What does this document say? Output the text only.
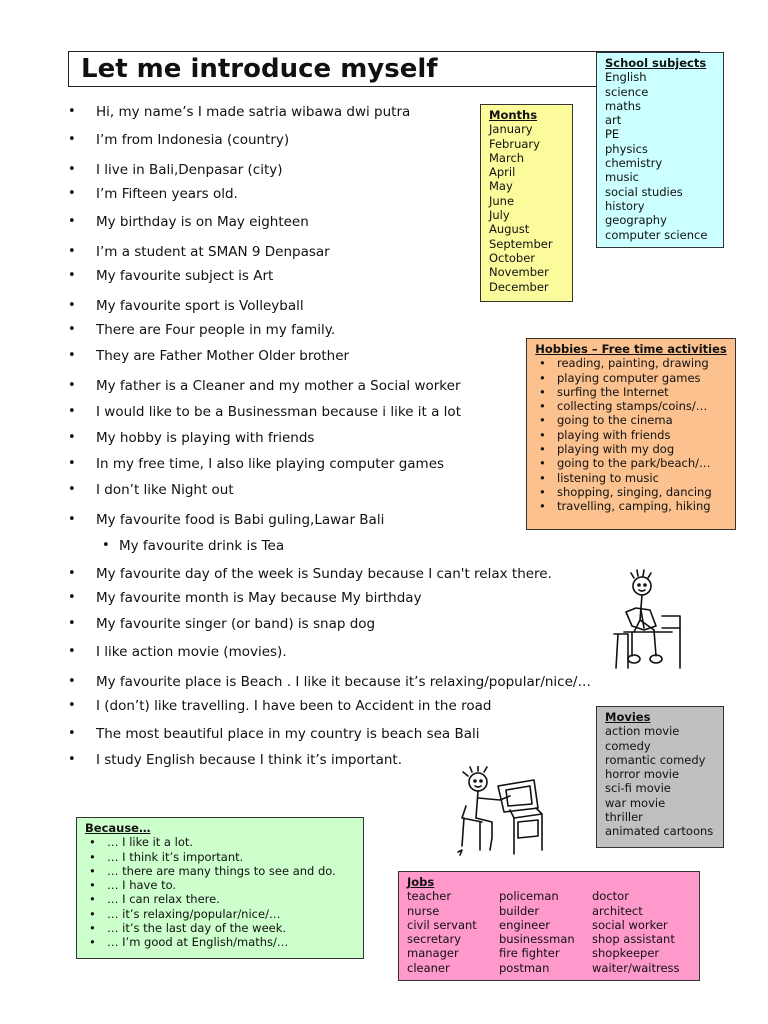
Let me introduce myself
• Hi, my name’s I made satria wibawa dwi putra
• I’m from Indonesia (country)
• I live in Bali,Denpasar (city)
• I’m Fifteen years old.
• My birthday is on May eighteen
• I’m a student at SMAN 9 Denpasar
• My favourite subject is Art
• My favourite sport is Volleyball
• There are Four people in my family.
• They are Father Mother Older brother
• My father is a Cleaner and my mother a Social worker
• I would like to be a Businessman because i like it a lot
• My hobby is playing with friends
• In my free time, I also like playing computer games
• I don’t like Night out
• My favourite food is Babi guling,Lawar Bali
• My favourite drink is Tea
• My favourite day of the week is Sunday because I can't relax there.
• My favourite month is May because My birthday
• My favourite singer (or band) is snap dog
• I like action movie (movies).
• My favourite place is Beach . I like it because it’s relaxing/popular/nice/…
• I (don’t) like travelling. I have been to Accident in the road
• The most beautiful place in my country is beach sea Bali
• I study English because I think it’s important.
Months
January
February
March
April
May
June
July
August
September
October
November
December
School subjects
English
science
maths
art
PE
physics
chemistry
music
social studies
history
geography
computer science
Hobbies – Free time activities
• reading, painting, drawing
• playing computer games
• surfing the Internet
• collecting stamps/coins/…
• going to the cinema
• playing with friends
• playing with my dog
• going to the park/beach/…
• listening to music
• shopping, singing, dancing
• travelling, camping, hiking
Movies
action movie
comedy
romantic comedy
horror movie
sci-fi movie
war movie
thriller
animated cartoons
Because…
• … I like it a lot.
• … I think it’s important.
• … there are many things to see and do.
• … I have to.
• … I can relax there.
• … it’s relaxing/popular/nice/…
• … it’s the last day of the week.
• … I’m good at English/maths/…
Jobs
teacher	policeman	doctor
nurse	builder	architect
civil servant	engineer	social worker
secretary	businessman	shop assistant
manager	fire fighter	shopkeeper
cleaner	postman	waiter/waitress
